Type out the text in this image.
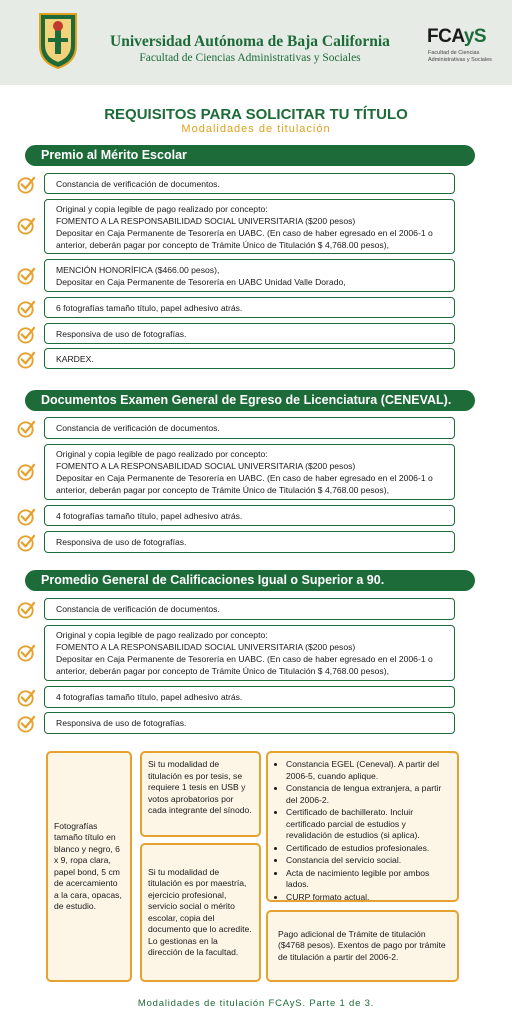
Universidad Autónoma de Baja California
Facultad de Ciencias Administrativas y Sociales
FCAyS
Facultad de Ciencias Administrativas y Sociales
REQUISITOS PARA SOLICITAR TU TÍTULO
Modalidades de titulación
Premio al Mérito Escolar
Constancia de verificación de documentos.
Original y copia legible de pago realizado por concepto:
FOMENTO A LA RESPONSABILIDAD SOCIAL UNIVERSITARIA ($200 pesos)
Depositar en Caja Permanente de Tesorería en UABC. (En caso de haber egresado en el 2006-1 o anterior, deberán pagar por concepto de Trámite Único de Titulación $ 4,768.00 pesos),
MENCIÓN HONORÍFICA ($466.00 pesos),
Depositar en Caja Permanente de Tesorería en UABC Unidad Valle Dorado,
6 fotografías tamaño título, papel adhesivo atrás.
Responsiva de uso de fotografías.
KARDEX.
Documentos Examen General de Egreso de Licenciatura (CENEVAL).
Constancia de verificación de documentos.
Original y copia legible de pago realizado por concepto:
FOMENTO A LA RESPONSABILIDAD SOCIAL UNIVERSITARIA ($200 pesos)
Depositar en Caja Permanente de Tesorería en UABC. (En caso de haber egresado en el 2006-1 o anterior, deberán pagar por concepto de Trámite Único de Titulación $ 4,768.00 pesos),
4 fotografías tamaño título, papel adhesivo atrás.
Responsiva de uso de fotografías.
Promedio General de Calificaciones Igual o Superior a 90.
Constancia de verificación de documentos.
Original y copia legible de pago realizado por concepto:
FOMENTO A LA RESPONSABILIDAD SOCIAL UNIVERSITARIA ($200 pesos)
Depositar en Caja Permanente de Tesorería en UABC. (En caso de haber egresado en el 2006-1 o anterior, deberán pagar por concepto de Trámite Único de Titulación $ 4,768.00 pesos),
4 fotografías tamaño título, papel adhesivo atrás.
Responsiva de uso de fotografías.
Fotografías tamaño título en blanco y negro, 6 x 9, ropa clara, papel bond, 5 cm de acercamiento a la cara, opacas, de estudio.
Si tu modalidad de titulación es por tesis, se requiere 1 tesis en USB y votos aprobatorios por cada integrante del sínodo.
Si tu modalidad de titulación es por maestría, ejercicio profesional, servicio social o mérito escolar, copia del documento que lo acredite. Lo gestionas en la dirección de la facultad.
• Constancia EGEL (Ceneval). A partir del 2006-5, cuando aplique.
• Constancia de lengua extranjera, a partir del 2006-2.
• Certificado de bachillerato. Incluir certificado parcial de estudios y revalidación de estudios (si aplica).
• Certificado de estudios profesionales.
• Constancia del servicio social.
• Acta de nacimiento legible por ambos lados.
• CURP formato actual.
Pago adicional de Trámite de titulación ($4768 pesos). Exentos de pago por trámite de titulación a partir del 2006-2.
Modalidades de titulación FCAyS. Parte 1 de 3.
